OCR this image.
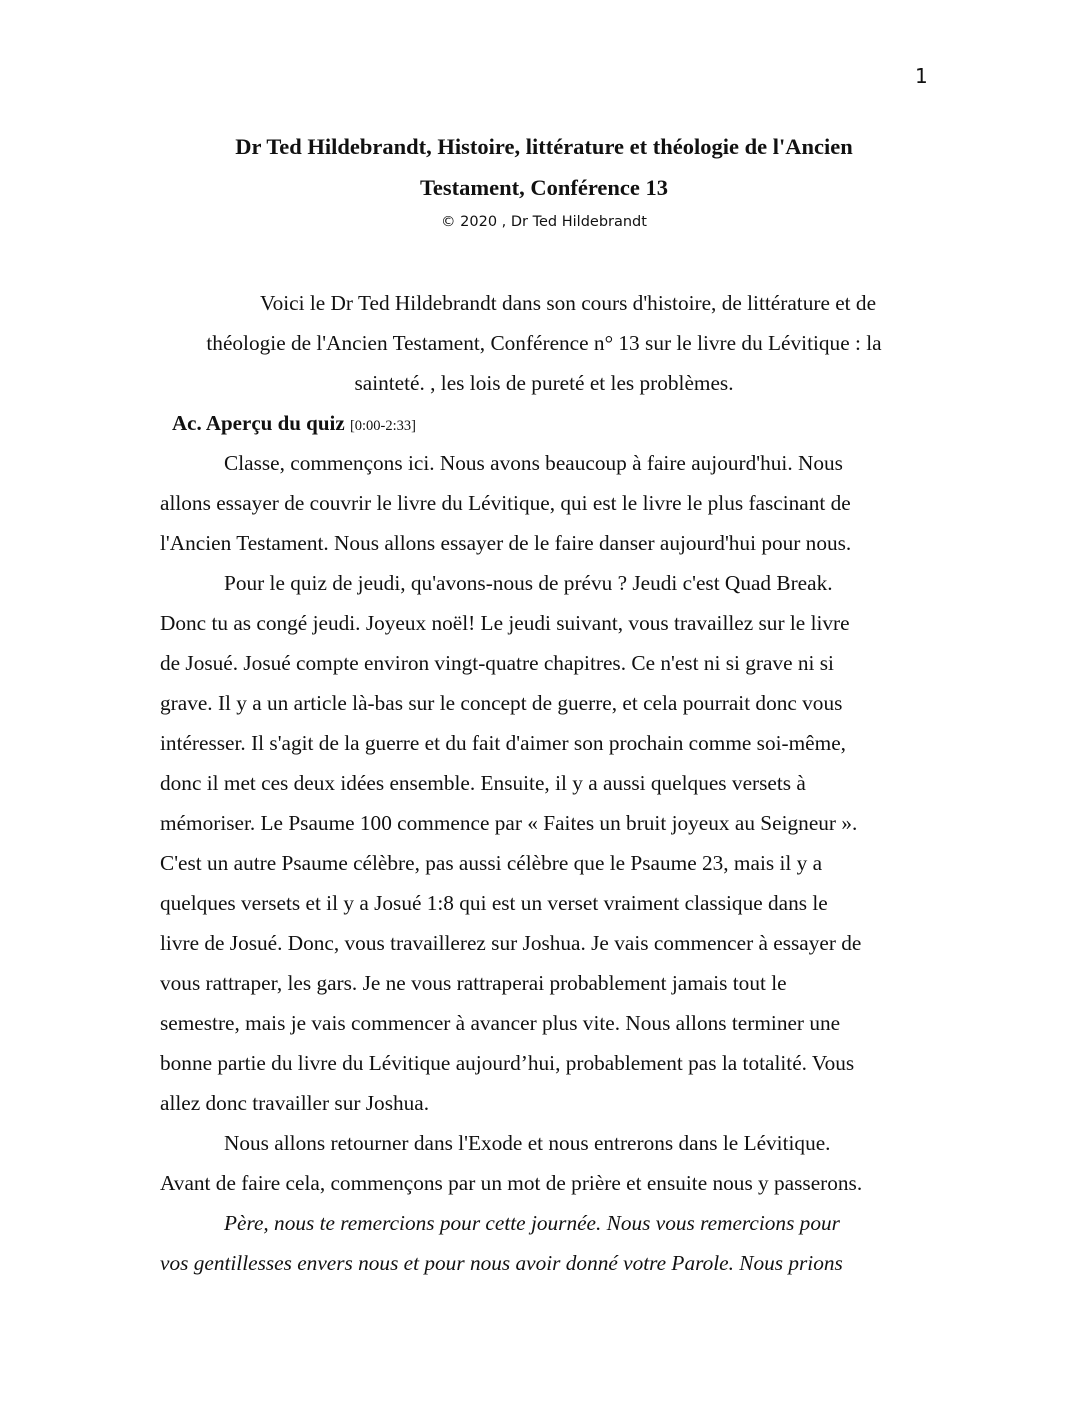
1
Dr Ted Hildebrandt, Histoire, littérature et théologie de l'Ancien
Testament, Conférence 13
© 2020 , Dr Ted Hildebrandt
Voici le Dr Ted Hildebrandt dans son cours d'histoire, de littérature et de
théologie de l'Ancien Testament, Conférence n° 13 sur le livre du Lévitique : la
sainteté. , les lois de pureté et les problèmes.
Ac. Aperçu du quiz [0:00-2:33]
Classe, commençons ici. Nous avons beaucoup à faire aujourd'hui. Nous
allons essayer de couvrir le livre du Lévitique, qui est le livre le plus fascinant de
l'Ancien Testament. Nous allons essayer de le faire danser aujourd'hui pour nous.
Pour le quiz de jeudi, qu'avons-nous de prévu ? Jeudi c'est Quad Break.
Donc tu as congé jeudi. Joyeux noël! Le jeudi suivant, vous travaillez sur le livre
de Josué. Josué compte environ vingt-quatre chapitres. Ce n'est ni si grave ni si
grave. Il y a un article là-bas sur le concept de guerre, et cela pourrait donc vous
intéresser. Il s'agit de la guerre et du fait d'aimer son prochain comme soi-même,
donc il met ces deux idées ensemble. Ensuite, il y a aussi quelques versets à
mémoriser. Le Psaume 100 commence par « Faites un bruit joyeux au Seigneur ».
C'est un autre Psaume célèbre, pas aussi célèbre que le Psaume 23, mais il y a
quelques versets et il y a Josué 1:8 qui est un verset vraiment classique dans le
livre de Josué. Donc, vous travaillerez sur Joshua. Je vais commencer à essayer de
vous rattraper, les gars. Je ne vous rattraperai probablement jamais tout le
semestre, mais je vais commencer à avancer plus vite. Nous allons terminer une
bonne partie du livre du Lévitique aujourd’hui, probablement pas la totalité. Vous
allez donc travailler sur Joshua.
Nous allons retourner dans l'Exode et nous entrerons dans le Lévitique.
Avant de faire cela, commençons par un mot de prière et ensuite nous y passerons.
Père, nous te remercions pour cette journée. Nous vous remercions pour
vos gentillesses envers nous et pour nous avoir donné votre Parole. Nous prions
